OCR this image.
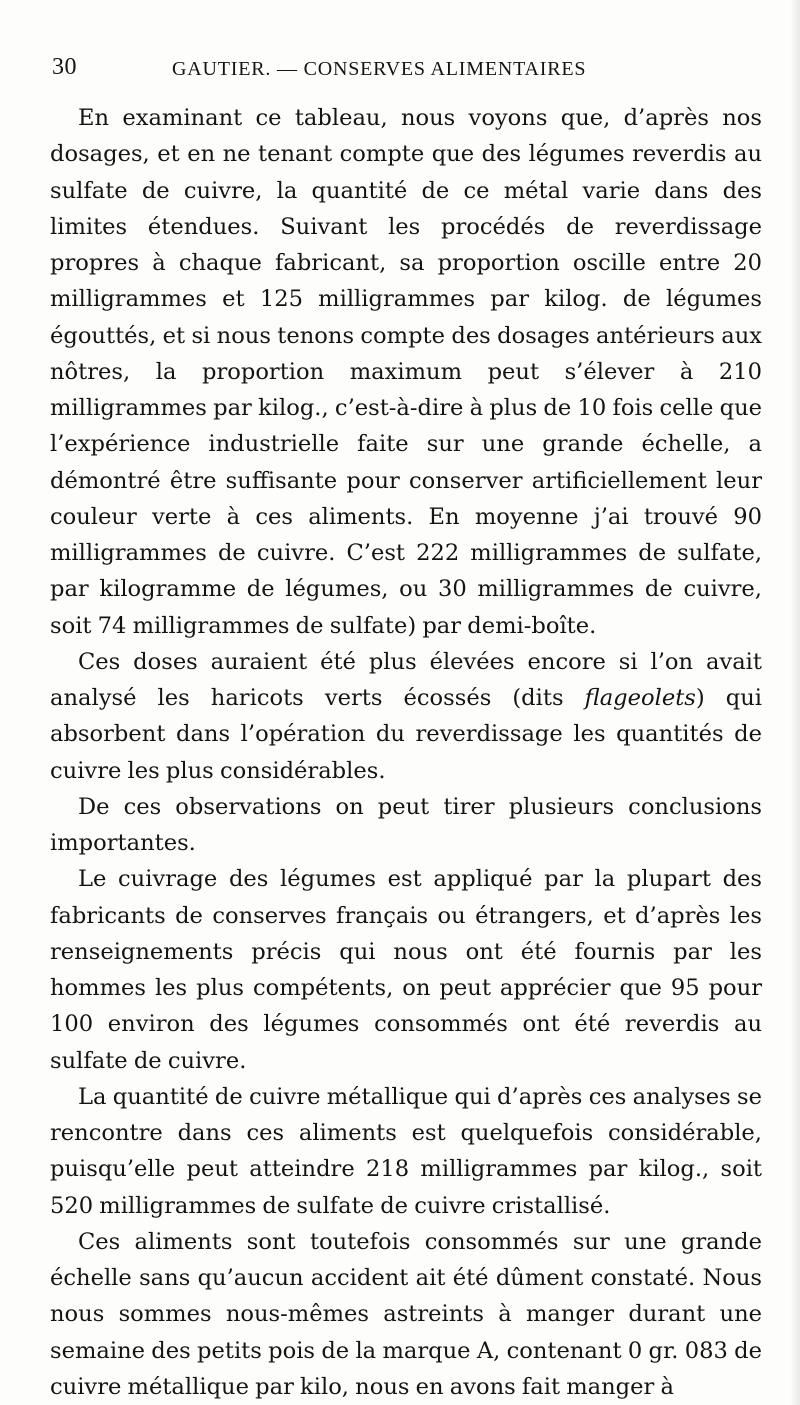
30	GAUTIER. — CONSERVES ALIMENTAIRES

En examinant ce tableau, nous voyons que, d’après nos dosages, et en ne tenant compte que des légumes reverdis au sulfate de cuivre, la quantité de ce métal varie dans des limites étendues. Suivant les procédés de reverdissage propres à chaque fabricant, sa proportion oscille entre 20 milligrammes et 125 milligrammes par kilog. de légumes égouttés, et si nous tenons compte des dosages antérieurs aux nôtres, la proportion maximum peut s’élever à 210 milligrammes par kilog., c’est-à-dire à plus de 10 fois celle que l’expérience industrielle faite sur une grande échelle, a démontré être suffisante pour conserver artificiellement leur couleur verte à ces aliments. En moyenne j’ai trouvé 90 milligrammes de cuivre. C’est 222 milligrammes de sulfate, par kilogramme de légumes, ou 30 milligrammes de cuivre, soit 74 milligrammes de sulfate) par demi-boîte.

Ces doses auraient été plus élevées encore si l’on avait analysé les haricots verts écossés (dits flageolets) qui absorbent dans l’opération du reverdissage les quantités de cuivre les plus considérables.

De ces observations on peut tirer plusieurs conclusions importantes.

Le cuivrage des légumes est appliqué par la plupart des fabricants de conserves français ou étrangers, et d’après les renseignements précis qui nous ont été fournis par les hommes les plus compétents, on peut apprécier que 95 pour 100 environ des légumes consommés ont été reverdis au sulfate de cuivre.

La quantité de cuivre métallique qui d’après ces analyses se rencontre dans ces aliments est quelquefois considérable, puisqu’elle peut atteindre 218 milligrammes par kilog., soit 520 milligrammes de sulfate de cuivre cristallisé.

Ces aliments sont toutefois consommés sur une grande échelle sans qu’aucun accident ait été dûment constaté. Nous nous sommes nous-mêmes astreints à manger durant une semaine des petits pois de la marque A, contenant 0 gr. 083 de cuivre métallique par kilo, nous en avons fait manger à
